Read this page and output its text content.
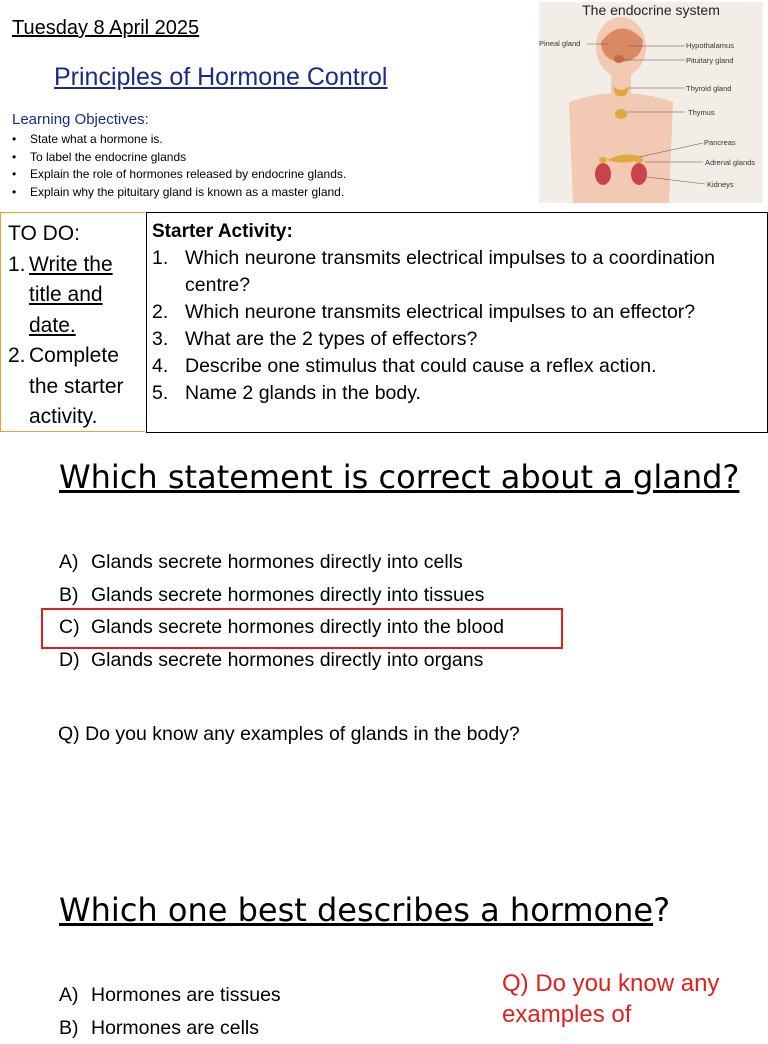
Tuesday 8 April 2025
Principles of Hormone Control
Learning Objectives:
• State what a hormone is.
• To label the endocrine glands
• Explain the role of hormones released by endocrine glands.
• Explain why the pituitary gland is known as a master gland.
The endocrine system
Pineal gland	Hypothalamus
Pituitary gland
Thyroid gland
Thymus
Pancreas
Adrenal glands
Kidneys
TO DO:
1. Write the title and date.
2. Complete the starter activity.
Starter Activity:
1. Which neurone transmits electrical impulses to a coordination centre?
2. Which neurone transmits electrical impulses to an effector?
3. What are the 2 types of effectors?
4. Describe one stimulus that could cause a reflex action.
5. Name 2 glands in the body.
Which statement is correct about a gland?
A) Glands secrete hormones directly into cells
B) Glands secrete hormones directly into tissues
C) Glands secrete hormones directly into the blood
D) Glands secrete hormones directly into organs
Q) Do you know any examples of glands in the body?
Which one best describes a hormone?
A) Hormones are tissues
B) Hormones are cells
Q) Do you know any examples of
